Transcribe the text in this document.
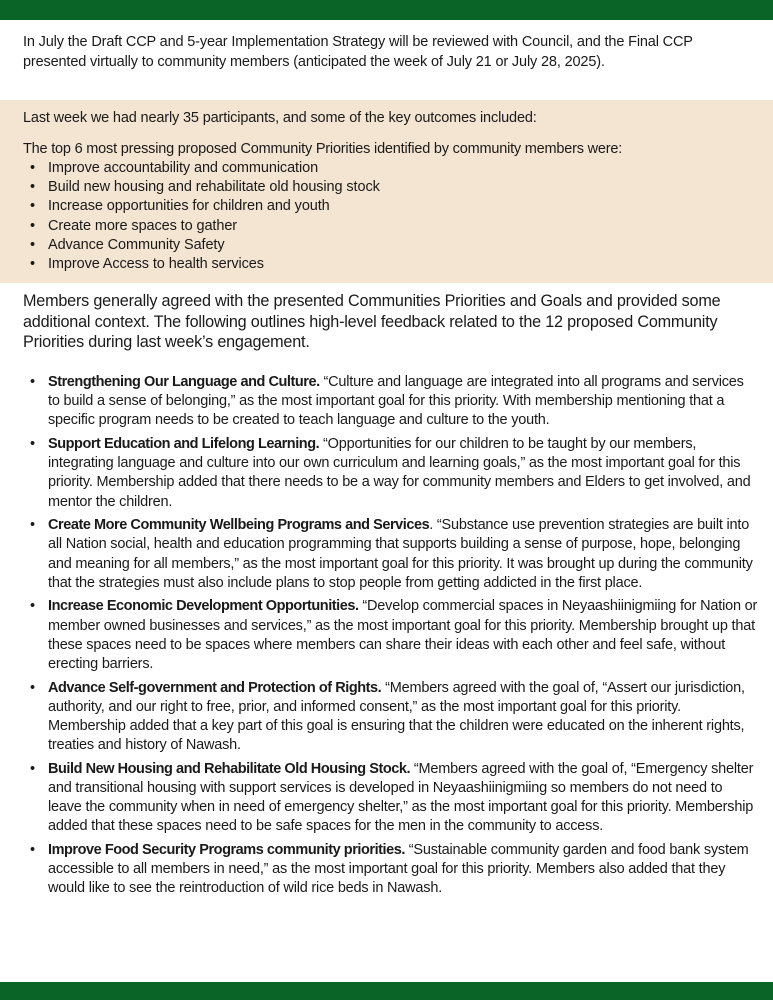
In July the Draft CCP and 5-year Implementation Strategy will be reviewed with Council, and the Final CCP presented virtually to community members (anticipated the week of July 21 or July 28, 2025).

Last week we had nearly 35 participants, and some of the key outcomes included:

The top 6 most pressing proposed Community Priorities identified by community members were:

• Improve accountability and communication
• Build new housing and rehabilitate old housing stock
• Increase opportunities for children and youth
• Create more spaces to gather
• Advance Community Safety
• Improve Access to health services

Members generally agreed with the presented Communities Priorities and Goals and provided some additional context. The following outlines high-level feedback related to the 12 proposed Community Priorities during last week’s engagement.

• Strengthening Our Language and Culture. “Culture and language are integrated into all programs and services to build a sense of belonging,” as the most important goal for this priority. With membership mentioning that a specific program needs to be created to teach language and culture to the youth.
• Support Education and Lifelong Learning. “Opportunities for our children to be taught by our members, integrating language and culture into our own curriculum and learning goals,” as the most important goal for this priority. Membership added that there needs to be a way for community members and Elders to get involved, and mentor the children.
• Create More Community Wellbeing Programs and Services. “Substance use prevention strategies are built into all Nation social, health and education programming that supports building a sense of purpose, hope, belonging and meaning for all members,” as the most important goal for this priority. It was brought up during the community that the strategies must also include plans to stop people from getting addicted in the first place.
• Increase Economic Development Opportunities. “Develop commercial spaces in Neyaashiinigmiing for Nation or member owned businesses and services,” as the most important goal for this priority. Membership brought up that these spaces need to be spaces where members can share their ideas with each other and feel safe, without erecting barriers.
• Advance Self-government and Protection of Rights. “Members agreed with the goal of, “Assert our jurisdiction, authority, and our right to free, prior, and informed consent,” as the most important goal for this priority. Membership added that a key part of this goal is ensuring that the children were educated on the inherent rights, treaties and history of Nawash.
• Build New Housing and Rehabilitate Old Housing Stock. “Members agreed with the goal of, “Emergency shelter and transitional housing with support services is developed in Neyaashiinigmiing so members do not need to leave the community when in need of emergency shelter,” as the most important goal for this priority. Membership added that these spaces need to be safe spaces for the men in the community to access.
• Improve Food Security Programs community priorities. “Sustainable community garden and food bank system accessible to all members in need,” as the most important goal for this priority. Members also added that they would like to see the reintroduction of wild rice beds in Nawash.
